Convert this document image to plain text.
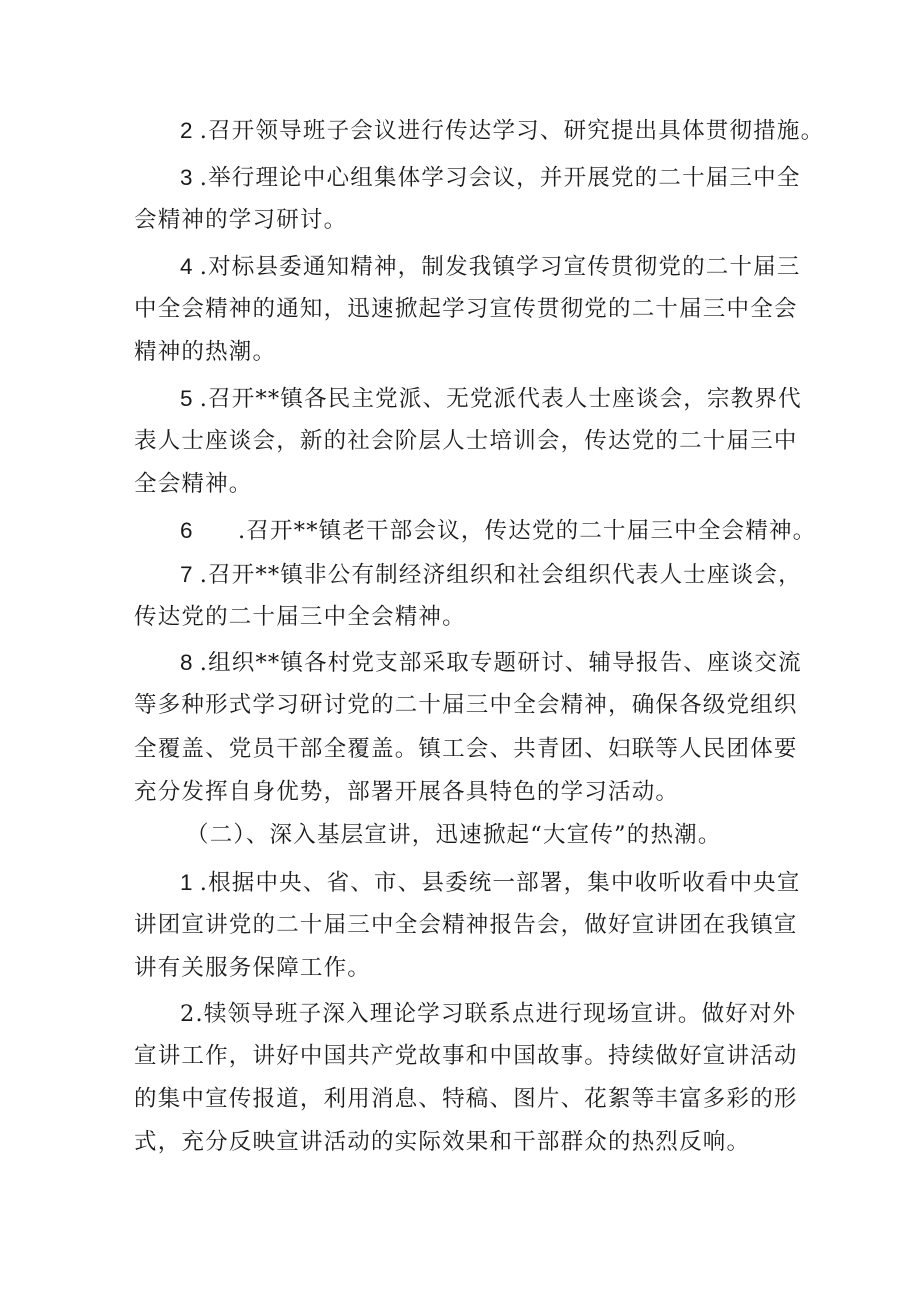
2 .召开领导班子会议进行传达学习、研究提出具体贯彻措施。
3 .举行理论中心组集体学习会议，并开展党的二十届三中全
会精神的学习研讨。
4 .对标县委通知精神，制发我镇学习宣传贯彻党的二十届三
中全会精神的通知，迅速掀起学习宣传贯彻党的二十届三中全会
精神的热潮。
5 .召开**镇各民主党派、无党派代表人士座谈会，宗教界代
表人士座谈会，新的社会阶层人士培训会，传达党的二十届三中
全会精神。
6 .召开**镇老干部会议，传达党的二十届三中全会精神。
7 .召开**镇非公有制经济组织和社会组织代表人士座谈会，
传达党的二十届三中全会精神。
8 .组织**镇各村党支部采取专题研讨、辅导报告、座谈交流
等多种形式学习研讨党的二十届三中全会精神，确保各级党组织
全覆盖、党员干部全覆盖。镇工会、共青团、妇联等人民团体要
充分发挥自身优势，部署开展各具特色的学习活动。
（二）、深入基层宣讲，迅速掀起“大宣传”的热潮。
1 .根据中央、省、市、县委统一部署，集中收听收看中央宣
讲团宣讲党的二十届三中全会精神报告会，做好宣讲团在我镇宣
讲有关服务保障工作。
2.犊领导班子深入理论学习联系点进行现场宣讲。做好对外
宣讲工作，讲好中国共产党故事和中国故事。持续做好宣讲活动
的集中宣传报道，利用消息、特稿、图片、花絮等丰富多彩的形
式，充分反映宣讲活动的实际效果和干部群众的热烈反响。
